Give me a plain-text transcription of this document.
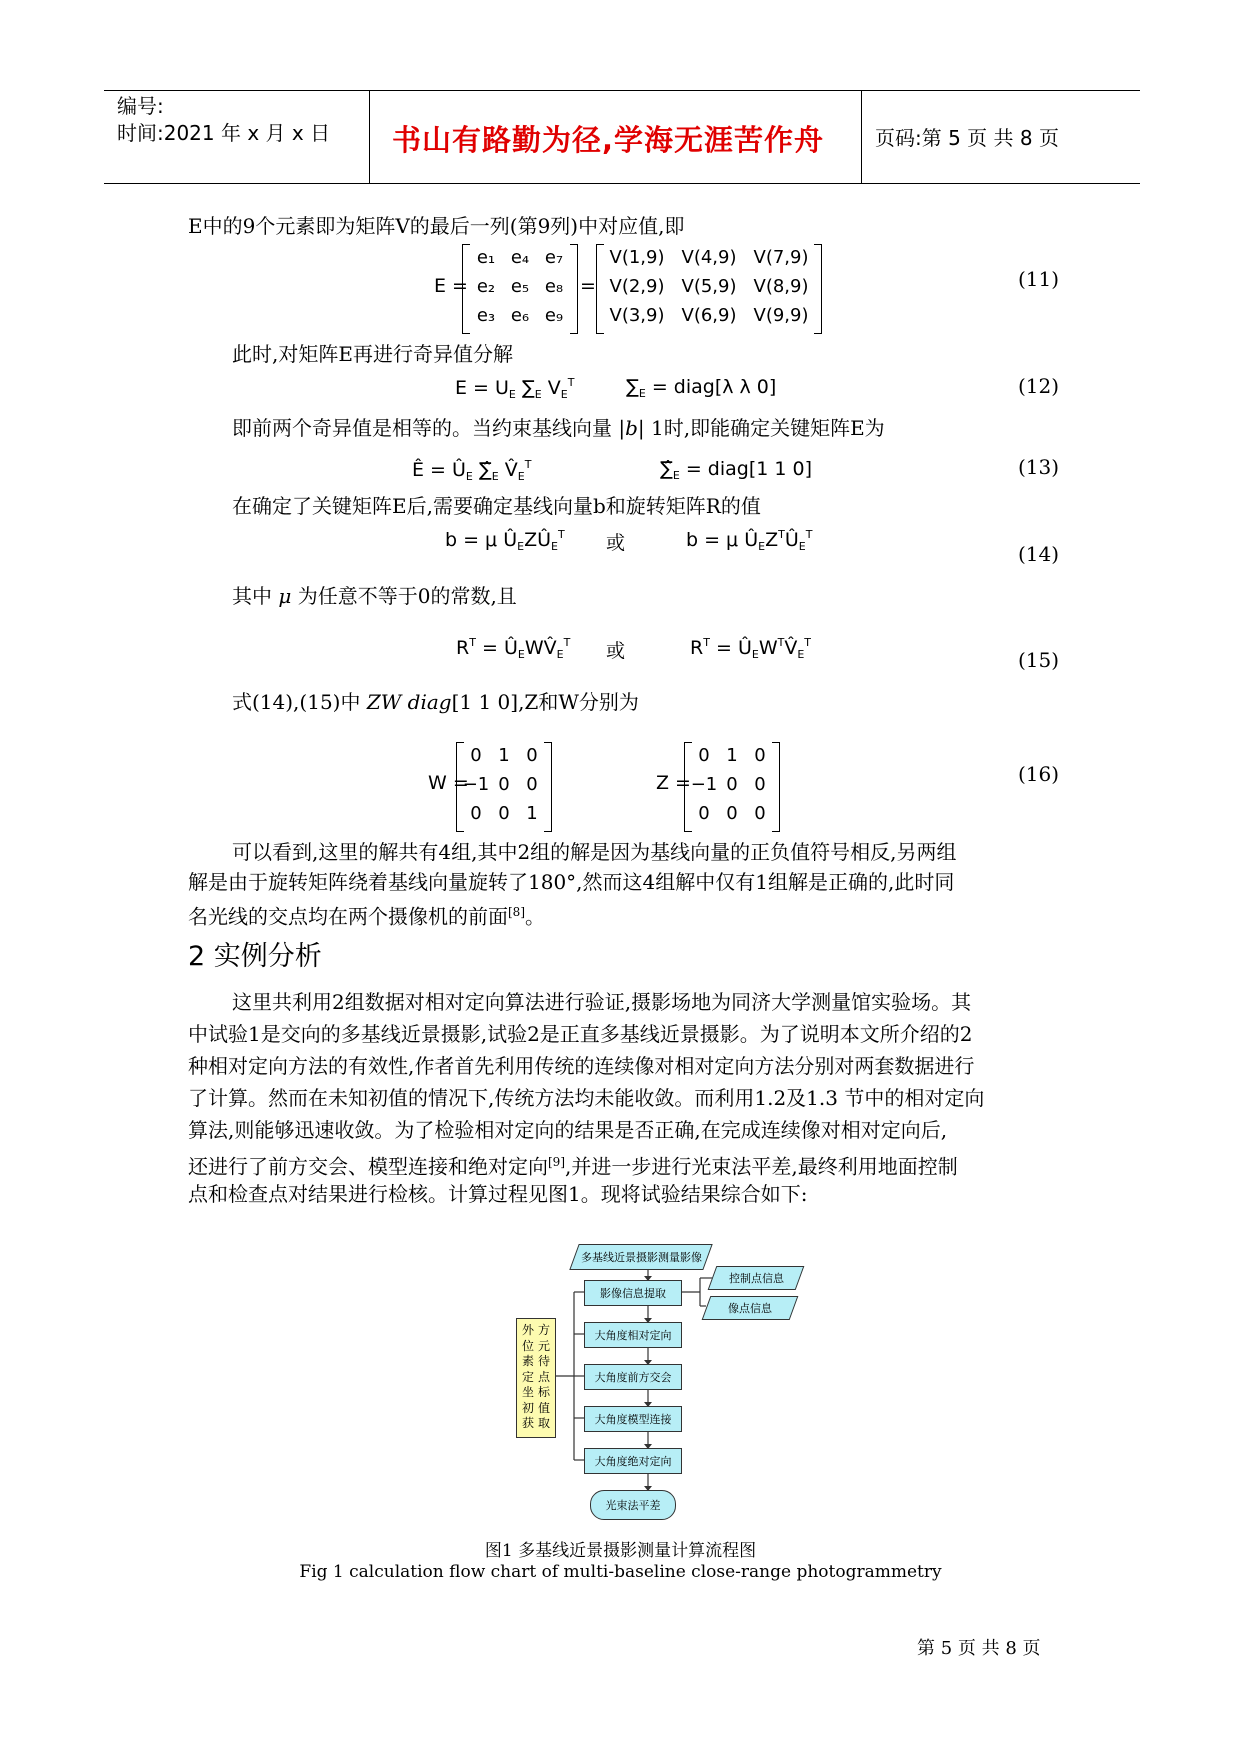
编号:
时间:2021 年 x 月 x 日 书山有路勤为径,学海无涯苦作舟	页码:第 5 页 共 8 页
E中的9个元素即为矩阵V的最后一列(第9列)中对应值,即
E =
e₁ e₄ e₇
e₂ e₅ e₈
e₃ e₆ e₉
=
V(1,9) V(4,9) V(7,9)
V(2,9) V(5,9) V(8,9)
V(3,9) V(6,9) V(9,9)
(11)
此时,对矩阵E再进行奇异值分解
$E = U_E$ $\sum_E$ $V_E^T$	$\sum_E$ = diag[λ λ 0]	(12)
即前两个奇异值是相等的。当约束基线向量 |b| 1时,即能确定关键矩阵E为
Ê = $Û_E$ $\sum̂_E$ $V̂_E^T$	$\sum̂_E$ = diag[1 1 0]	(13)
在确定了关键矩阵E后,需要确定基线向量b和旋转矩阵R的值
b = μ $Û_EZÛ_E^T$ 或	b = μ $Û_EZ^TÛ_E^T$
(14)
其中 μ 为任意不等于0的常数,且
$R^T$ = $Û_EWV̂_E^T$ 或	$R^T$ = $Û_EW^TV̂_E^T$
(15)
式(14),(15)中 ZW diag[1 1 0],Z和W分别为
W =
0 1 0
−1 0 0
0 0 1
Z =
0 1 0
−1 0 0
0 0 0
(16)
可以看到,这里的解共有4组,其中2组的解是因为基线向量的正负值符号相反,另两组
解是由于旋转矩阵绕着基线向量旋转了180°,然而这4组解中仅有1组解是正确的,此时同
名光线的交点均在两个摄像机的前面[8]。
2 实例分析
这里共利用2组数据对相对定向算法进行验证,摄影场地为同济大学测量馆实验场。其
中试验1是交向的多基线近景摄影,试验2是正直多基线近景摄影。为了说明本文所介绍的2
种相对定向方法的有效性,作者首先利用传统的连续像对相对定向方法分别对两套数据进行
了计算。然而在未知初值的情况下,传统方法均未能收敛。而利用1.2及1.3 节中的相对定向
算法,则能够迅速收敛。为了检验相对定向的结果是否正确,在完成连续像对相对定向后,
还进行了前方交会、模型连接和绝对定向[9],并进一步进行光束法平差,最终利用地面控制
点和检查点对结果进行检核。计算过程见图1。现将试验结果综合如下:
多基线近景摄影测量影像
影像信息提取
控制点信息
像点信息
大角度相对定向
大角度前方交会
大角度模型连接
大角度绝对定向
光束法平差
外
位
素
定
坐
初
获
方
元
待
点
标
值
取
图1 多基线近景摄影测量计算流程图
Fig 1 calculation flow chart of multi-baseline close-range photogrammetry
第 5 页 共 8 页
